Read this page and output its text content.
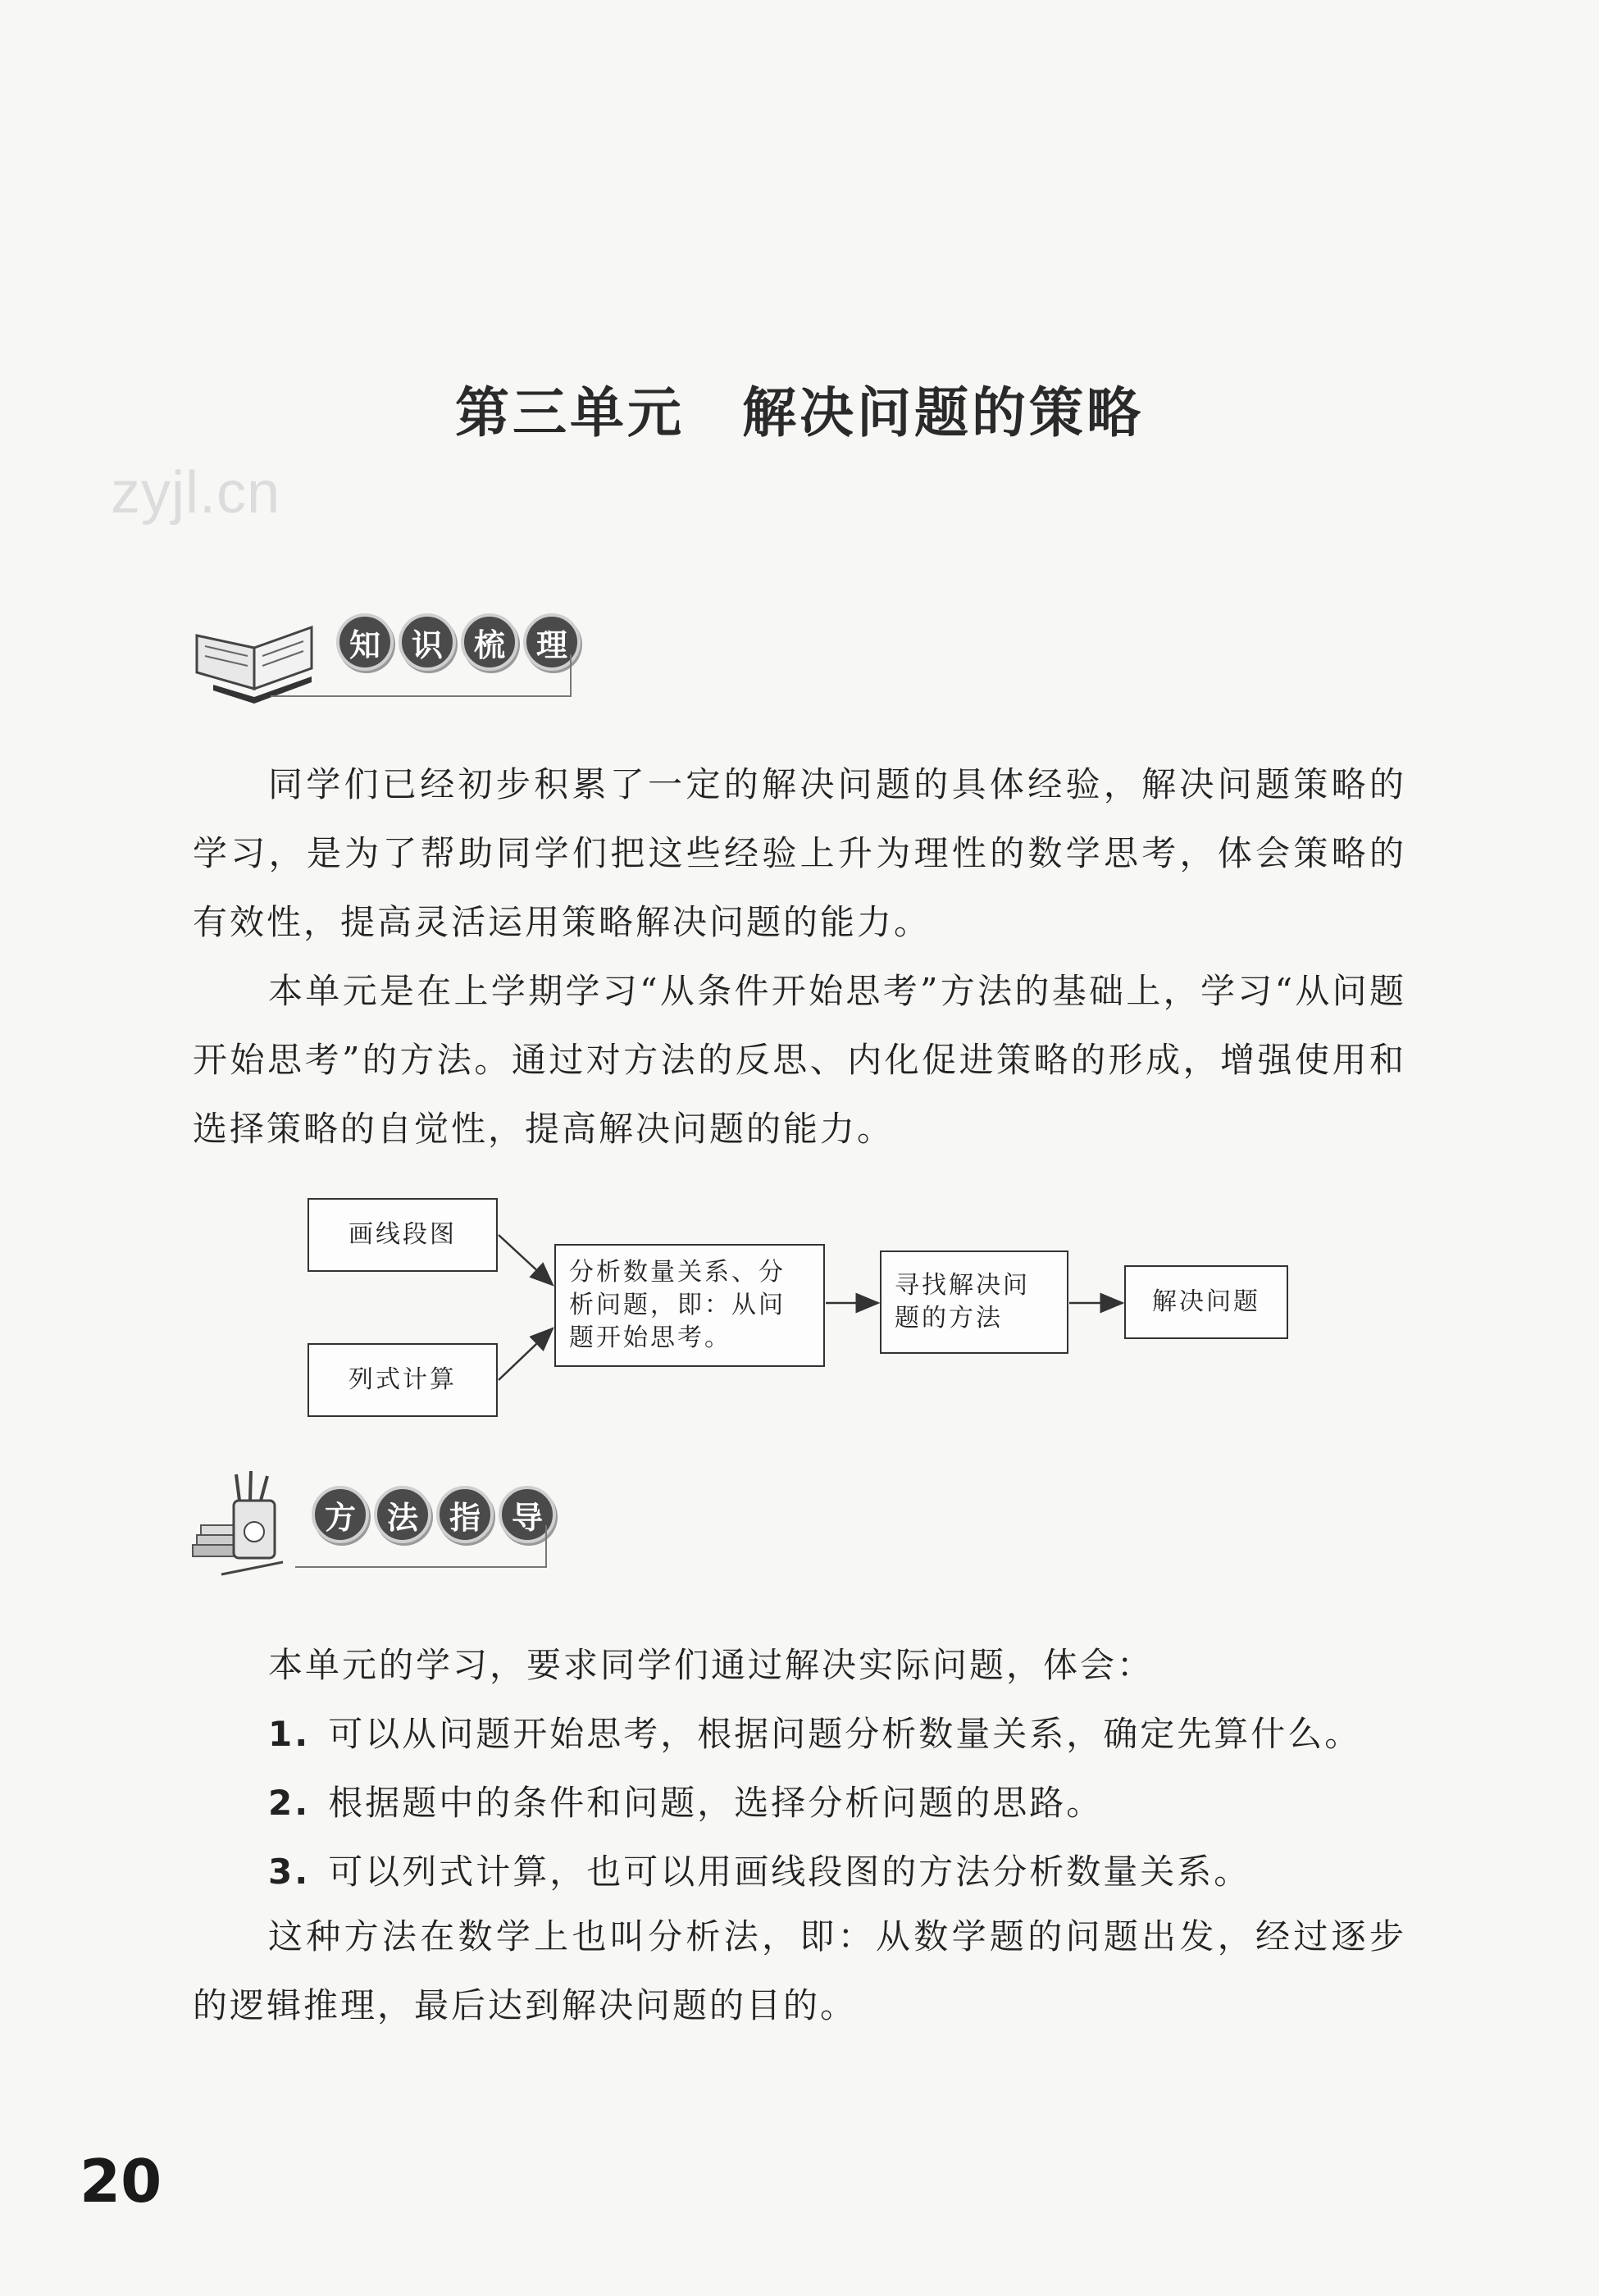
第三单元　解决问题的策略
zyjl.cn
知 识 梳 理
同学们已经初步积累了一定的解决问题的具体经验，解决问题策略的学习，是为了帮助同学们把这些经验上升为理性的数学思考，体会策略的有效性，提高灵活运用策略解决问题的能力。
本单元是在上学期学习“从条件开始思考”方法的基础上，学习“从问题开始思考”的方法。通过对方法的反思、内化促进策略的形成，增强使用和选择策略的自觉性，提高解决问题的能力。
画线段图
列式计算
分析数量关系、分析问题，即：从问题开始思考。
寻找解决问题的方法
解决问题
方 法 指 导
本单元的学习，要求同学们通过解决实际问题，体会：
1. 可以从问题开始思考，根据问题分析数量关系，确定先算什么。
2. 根据题中的条件和问题，选择分析问题的思路。
3. 可以列式计算，也可以用画线段图的方法分析数量关系。
这种方法在数学上也叫分析法，即：从数学题的问题出发，经过逐步的逻辑推理，最后达到解决问题的目的。
20
